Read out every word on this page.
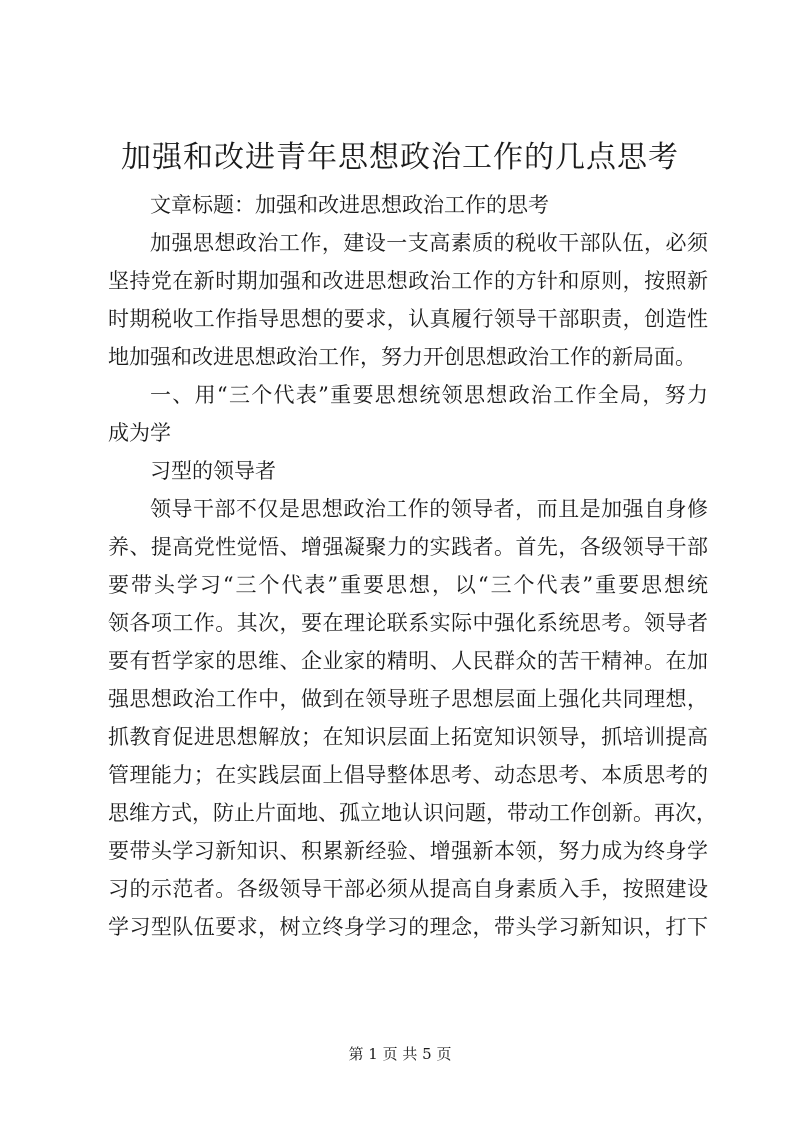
加强和改进青年思想政治工作的几点思考
文章标题：加强和改进思想政治工作的思考
加强思想政治工作，建设一支高素质的税收干部队伍，必须
坚持党在新时期加强和改进思想政治工作的方针和原则，按照新
时期税收工作指导思想的要求，认真履行领导干部职责，创造性
地加强和改进思想政治工作，努力开创思想政治工作的新局面。
一、用“三个代表”重要思想统领思想政治工作全局，努力
成为学
习型的领导者
领导干部不仅是思想政治工作的领导者，而且是加强自身修
养、提高党性觉悟、增强凝聚力的实践者。首先，各级领导干部
要带头学习“三个代表”重要思想，以“三个代表”重要思想统
领各项工作。其次，要在理论联系实际中强化系统思考。领导者
要有哲学家的思维、企业家的精明、人民群众的苦干精神。在加
强思想政治工作中，做到在领导班子思想层面上强化共同理想，
抓教育促进思想解放；在知识层面上拓宽知识领导，抓培训提高
管理能力；在实践层面上倡导整体思考、动态思考、本质思考的
思维方式，防止片面地、孤立地认识问题，带动工作创新。再次，
要带头学习新知识、积累新经验、增强新本领，努力成为终身学
习的示范者。各级领导干部必须从提高自身素质入手，按照建设
学习型队伍要求，树立终身学习的理念，带头学习新知识，打下
第 1 页 共 5 页
